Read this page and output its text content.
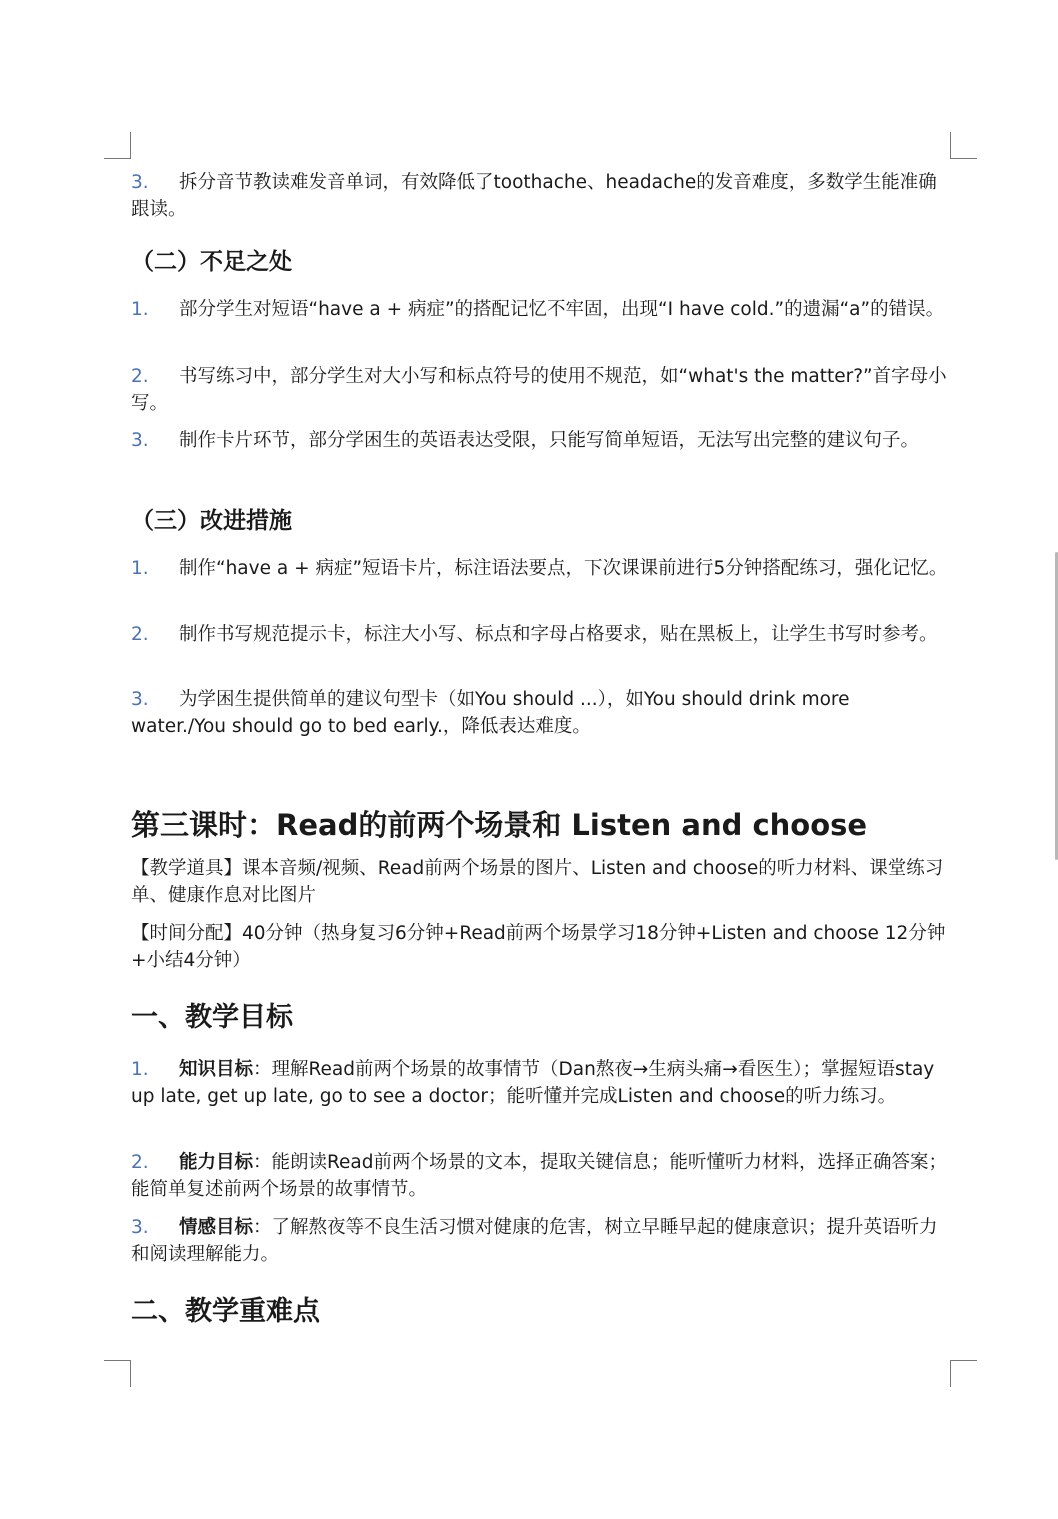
3. 拆分音节教读难发音单词，有效降低了toothache、headache的发音难度，多数学生能准确跟读。
（二）不足之处
1. 部分学生对短语“have a + 病症”的搭配记忆不牢固，出现“I have cold.”的遗漏“a”的错误。
2. 书写练习中，部分学生对大小写和标点符号的使用不规范，如“what's the matter?”首字母小写。
3. 制作卡片环节，部分学困生的英语表达受限，只能写简单短语，无法写出完整的建议句子。
（三）改进措施
1. 制作“have a + 病症”短语卡片，标注语法要点，下次课课前进行5分钟搭配练习，强化记忆。
2. 制作书写规范提示卡，标注大小写、标点和字母占格要求，贴在黑板上，让学生书写时参考。
3. 为学困生提供简单的建议句型卡（如You should ...），如You should drink more water./You should go to bed early.，降低表达难度。
第三课时：Read的前两个场景和 Listen and choose
【教学道具】课本音频/视频、Read前两个场景的图片、Listen and choose的听力材料、课堂练习单、健康作息对比图片
【时间分配】40分钟（热身复习6分钟+Read前两个场景学习18分钟+Listen and choose 12分钟+小结4分钟）
一、教学目标
1. 知识目标：理解Read前两个场景的故事情节（Dan熬夜→生病头痛→看医生）；掌握短语stay up late, get up late, go to see a doctor；能听懂并完成Listen and choose的听力练习。
2. 能力目标：能朗读Read前两个场景的文本，提取关键信息；能听懂听力材料，选择正确答案；能简单复述前两个场景的故事情节。
3. 情感目标：了解熬夜等不良生活习惯对健康的危害，树立早睡早起的健康意识；提升英语听力和阅读理解能力。
二、教学重难点
